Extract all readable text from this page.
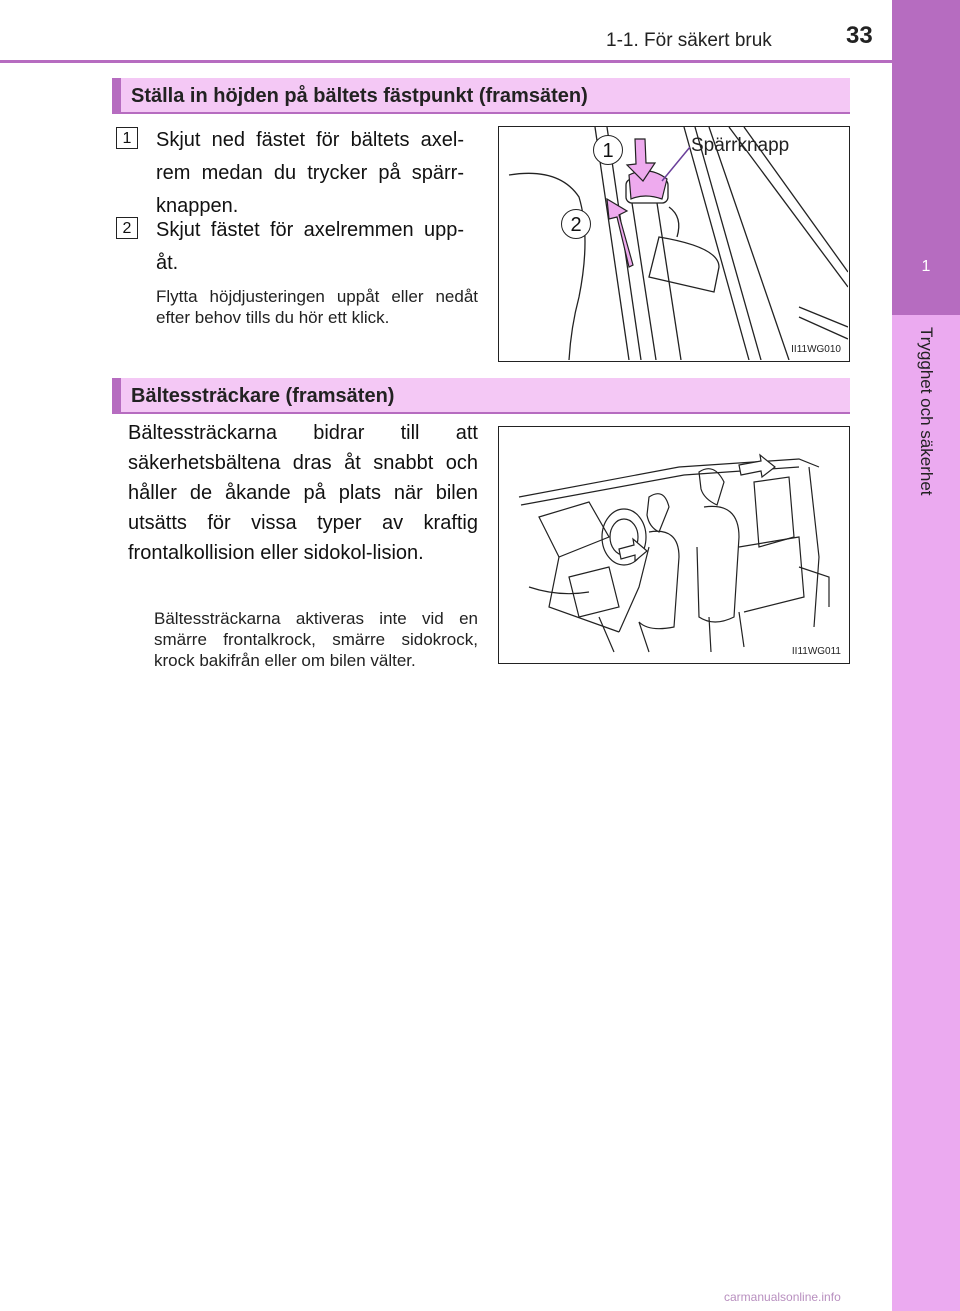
1-1. För säkert bruk	33
1
Trygghet och säkerhet
Ställa in höjden på bältets fästpunkt (framsäten)
1	Skjut ned fästet för bältets axel-rem medan du trycker på spärr-knappen.
2	Skjut fästet för axelremmen upp-åt.
Flytta höjdjusteringen uppåt eller nedåt efter behov tills du hör ett klick.
1
2
Spärrknapp
II11WG010
Bältessträckare (framsäten)
Bältessträckarna bidrar till att säkerhetsbältena dras åt snabbt och håller de åkande på plats när bilen utsätts för vissa typer av kraftig frontalkollision eller sidokol-lision.
Bältessträckarna aktiveras inte vid en smärre frontalkrock, smärre sidokrock, krock bakifrån eller om bilen välter.	II11WG011
carmanualsonline.info
